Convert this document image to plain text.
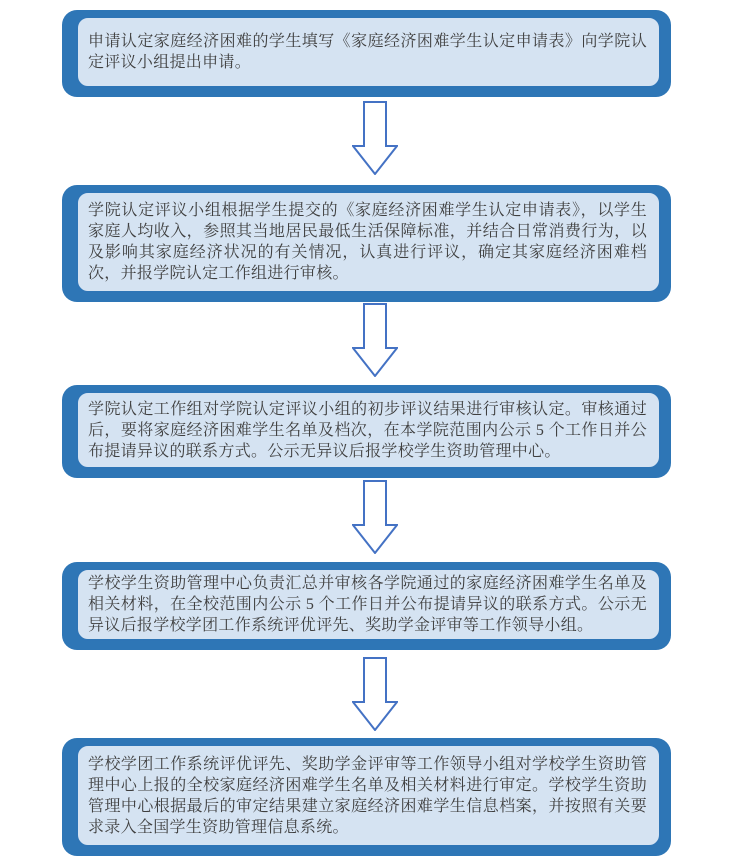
申请认定家庭经济困难的学生填写《家庭经济困难学生认定申请表》向学院认定评议小组提出申请。
学院认定评议小组根据学生提交的《家庭经济困难学生认定申请表》，以学生家庭人均收入，参照其当地居民最低生活保障标准，并结合日常消费行为，以及影响其家庭经济状况的有关情况，认真进行评议，确定其家庭经济困难档次，并报学院认定工作组进行审核。
学院认定工作组对学院认定评议小组的初步评议结果进行审核认定。审核通过后，要将家庭经济困难学生名单及档次，在本学院范围内公示 5 个工作日并公布提请异议的联系方式。公示无异议后报学校学生资助管理中心。
学校学生资助管理中心负责汇总并审核各学院通过的家庭经济困难学生名单及相关材料，在全校范围内公示 5 个工作日并公布提请异议的联系方式。公示无异议后报学校学团工作系统评优评先、奖助学金评审等工作领导小组。
学校学团工作系统评优评先、奖助学金评审等工作领导小组对学校学生资助管理中心上报的全校家庭经济困难学生名单及相关材料进行审定。学校学生资助管理中心根据最后的审定结果建立家庭经济困难学生信息档案，并按照有关要求录入全国学生资助管理信息系统。
